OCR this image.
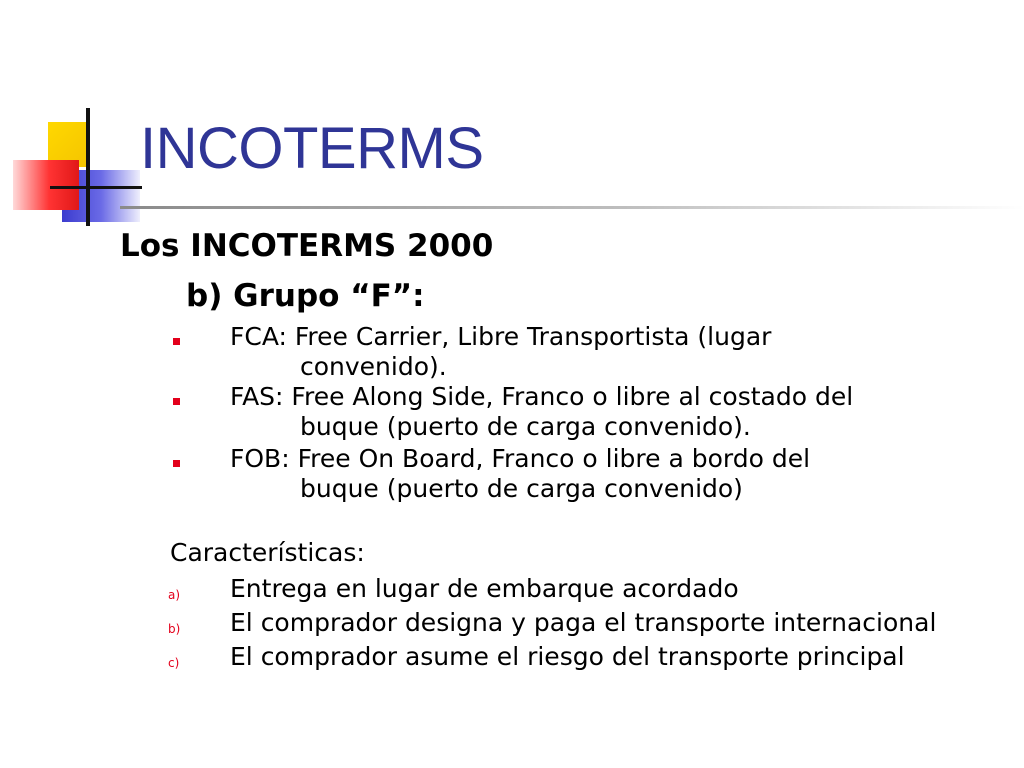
INCOTERMS
Los INCOTERMS 2000
b) Grupo “F”:
FCA: Free Carrier, Libre Transportista (lugar
convenido).
FAS: Free Along Side, Franco o libre al costado del
buque (puerto de carga convenido).
FOB: Free On Board, Franco o libre a bordo del
buque (puerto de carga convenido)
Características:
a) Entrega en lugar de embarque acordado
b) El comprador designa y paga el transporte internacional
c) El comprador asume el riesgo del transporte principal
